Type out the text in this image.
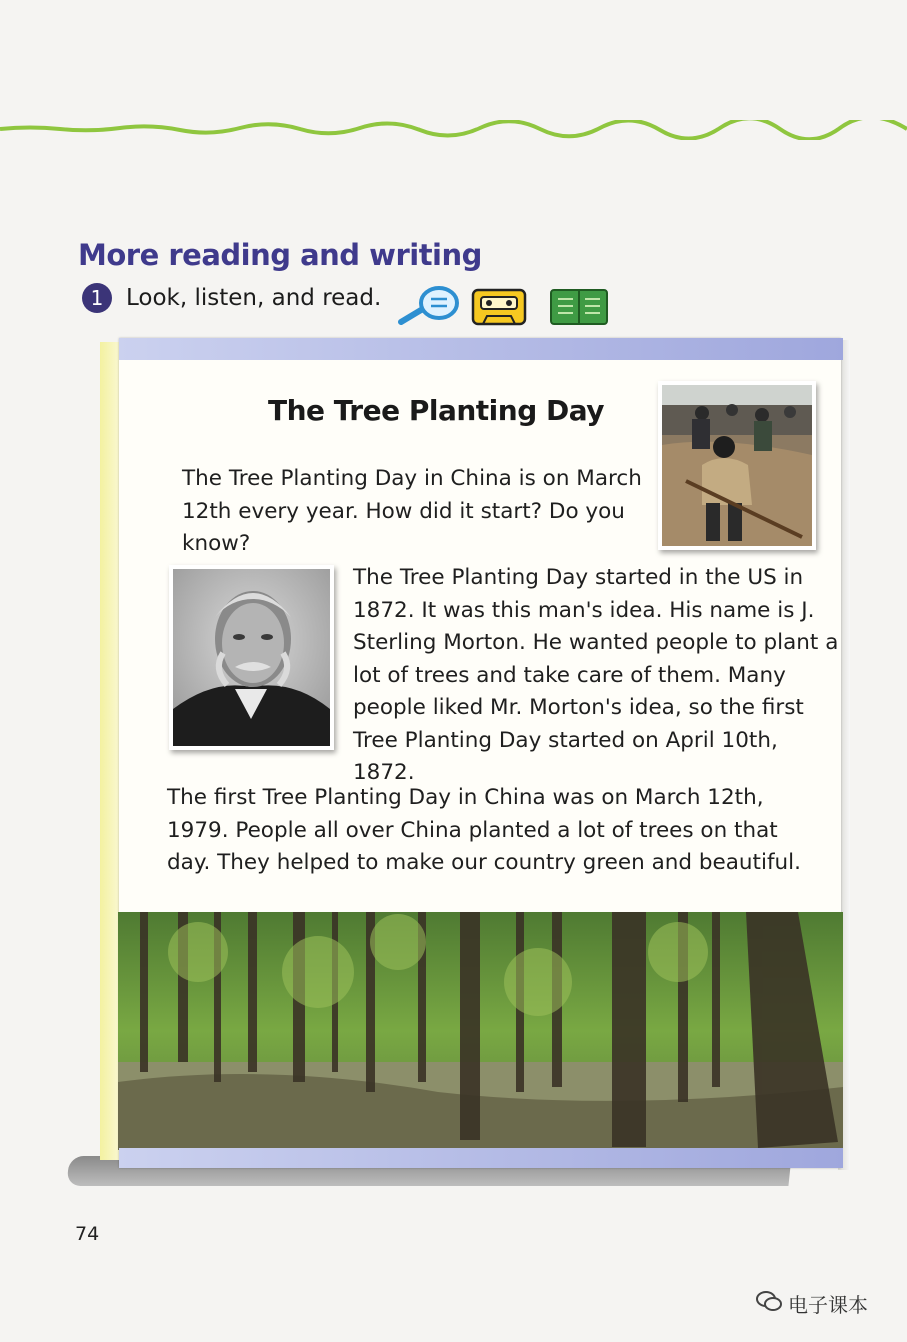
More reading and writing
1 Look, listen, and read.
The Tree Planting Day

The Tree Planting Day in China is on March 12th every year. How did it start? Do you know?

The Tree Planting Day started in the US in 1872. It was this man's idea. His name is J. Sterling Morton. He wanted people to plant a lot of trees and take care of them. Many people liked Mr. Morton's idea, so the first Tree Planting Day started on April 10th, 1872.

The first Tree Planting Day in China was on March 12th, 1979. People all over China planted a lot of trees on that day. They helped to make our country green and beautiful.

74
电子课本
